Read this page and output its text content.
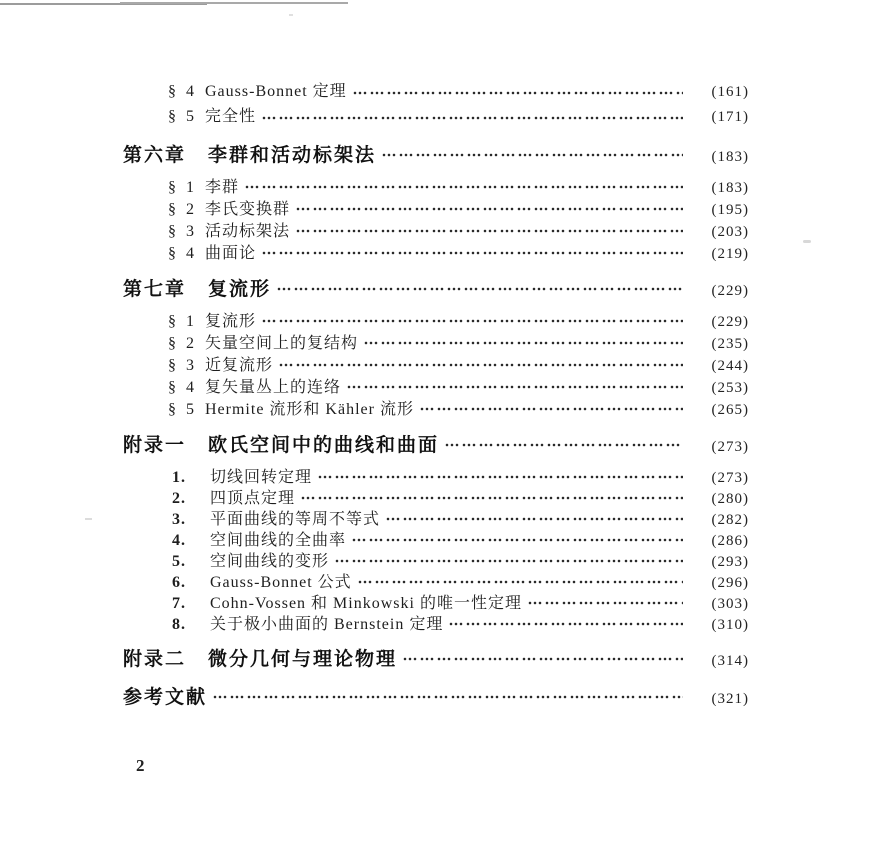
§ 4 Gauss-Bonnet 定理	(161)
§ 5 完全性	(171)
第六章 李群和活动标架法	(183)
§ 1 李群	(183)
§ 2 李氏变换群	(195)
§ 3 活动标架法	(203)
§ 4 曲面论	(219)
第七章 复流形	(229)
§ 1 复流形	(229)
§ 2 矢量空间上的复结构	(235)
§ 3 近复流形	(244)
§ 4 复矢量丛上的连络	(253)
§ 5 Hermite 流形和 Kähler 流形	(265)
附录一 欧氏空间中的曲线和曲面	(273)
1.	切线回转定理	(273)
2.	四顶点定理	(280)
3.	平面曲线的等周不等式	(282)
4.	空间曲线的全曲率	(286)
5.	空间曲线的变形	(293)
6.	Gauss-Bonnet 公式	(296)
7.	Cohn-Vossen 和 Minkowski 的唯一性定理	(303)
8.	关于极小曲面的 Bernstein 定理	(310)
附录二 微分几何与理论物理	(314)
参考文献	(321)
2
